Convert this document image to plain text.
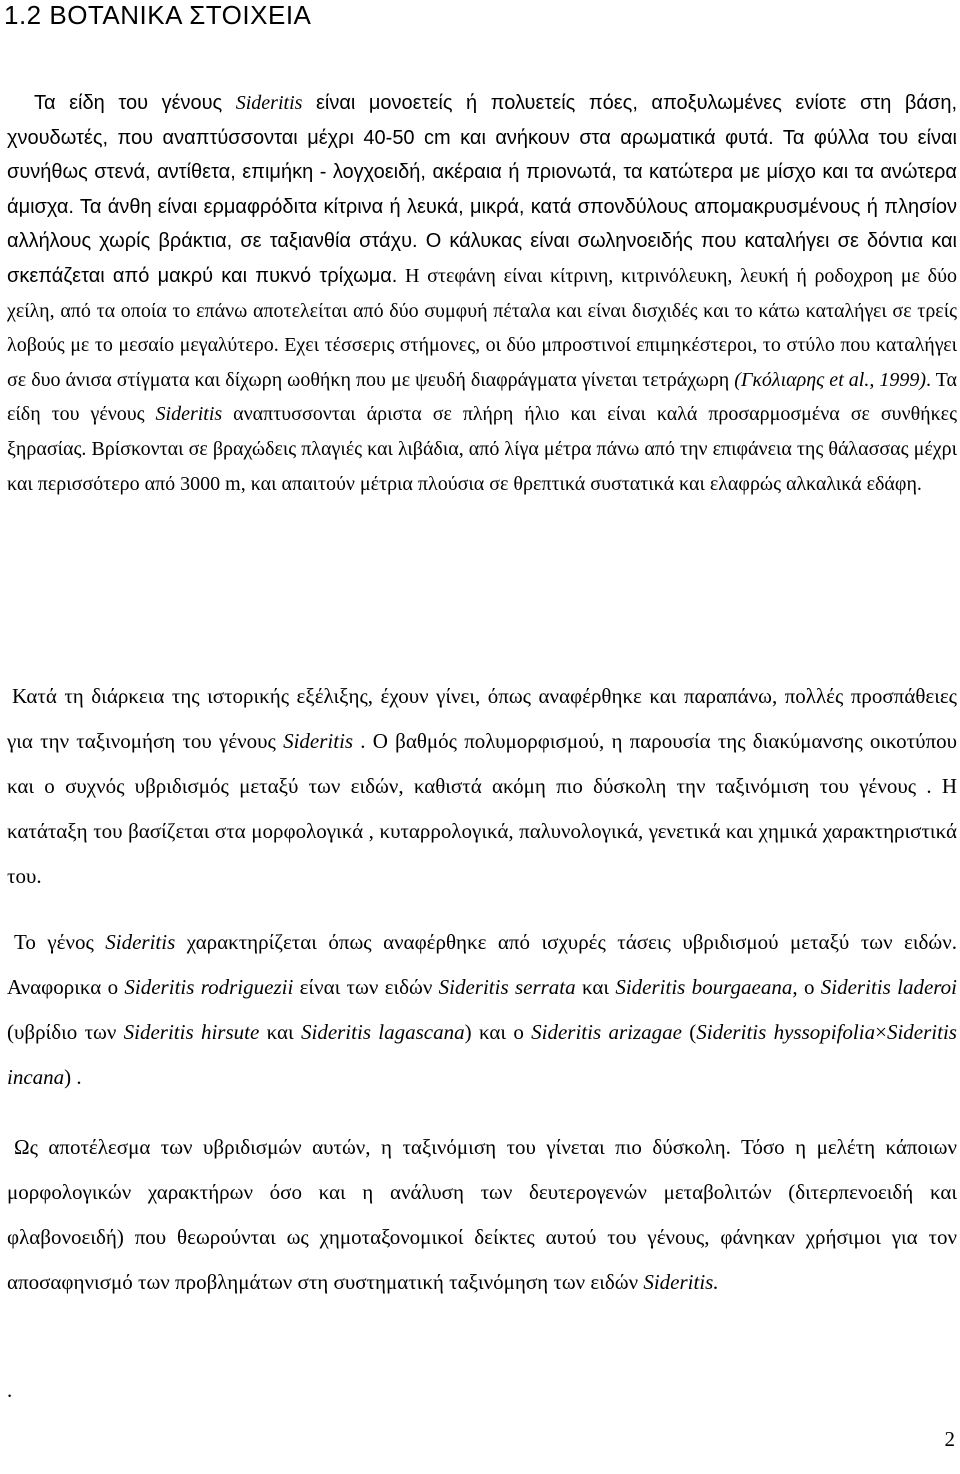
1.2 ΒΟΤΑΝΙΚΑ ΣΤΟΙΧΕΙΑ

Τα είδη του γένους Sideritis είναι μονοετείς ή πολυετείς πόες, αποξυλωμένες ενίοτε στη βάση, χνουδωτές, που αναπτύσσονται μέχρι 40-50 cm και ανήκουν στα αρωματικά φυτά. Τα φύλλα του είναι συνήθως στενά, αντίθετα, επιμήκη - λογχοειδή, ακέραια ή πριονωτά, τα κατώτερα με μίσχο και τα ανώτερα άμισχα. Τα άνθη είναι ερμαφρόδιτα κίτρινα ή λευκά, μικρά, κατά σπονδύλους απομακρυσμένους ή πλησίον αλλήλους χωρίς βράκτια, σε ταξιανθία στάχυ. Ο κάλυκας είναι σωληνοειδής που καταλήγει σε δόντια και σκεπάζεται από μακρύ και πυκνό τρίχωμα. Η στεφάνη είναι κίτρινη, κιτρινόλευκη, λευκή ή ροδοχροη με δύο χείλη, από τα οποία το επάνω αποτελείται από δύο συμφυή πέταλα και είναι δισχιδές και το κάτω καταλήγει σε τρείς λοβούς με το μεσαίο μεγαλύτερο. Εχει τέσσερις στήμονες, οι δύο μπροστινοί επιμηκέστεροι, το στύλο που καταλήγει σε δυο άνισα στίγματα και δίχωρη ωοθήκη που με ψευδή διαφράγματα γίνεται τετράχωρη (Γκόλιαρης et al., 1999). Τα είδη του γένους Sideritis αναπτυσσονται άριστα σε πλήρη ήλιο και είναι καλά προσαρμοσμένα σε συνθήκες ξηρασίας. Βρίσκονται σε βραχώδεις πλαγιές και λιβάδια, από λίγα μέτρα πάνω από την επιφάνεια της θάλασσας μέχρι και περισσότερο από 3000 m, και απαιτούν μέτρια πλούσια σε θρεπτικά συστατικά και ελαφρώς αλκαλικά εδάφη.

Κατά τη διάρκεια της ιστορικής εξέλιξης, έχουν γίνει, όπως αναφέρθηκε και παραπάνω, πολλές προσπάθειες για την ταξινομήση του γένους Sideritis . Ο βαθμός πολυμορφισμού, η παρουσία της διακύμανσης οικοτύπου και ο συχνός υβριδισμός μεταξύ των ειδών, καθιστά ακόμη πιο δύσκολη την ταξινόμιση του γένους . Η κατάταξη του βασίζεται στα μορφολογικά , κυταρρολογικά, παλυνολογικά, γενετικά και χημικά χαρακτηριστικά του.

Το γένος Sideritis χαρακτηρίζεται όπως αναφέρθηκε από ισχυρές τάσεις υβριδισμού μεταξύ των ειδών. Αναφορικα ο Sideritis rodriguezii είναι των ειδών Sideritis serrata και Sideritis bourgaeana, ο Sideritis laderoi (υβρίδιο των Sideritis hirsute και Sideritis lagascana) και ο Sideritis arizagae (Sideritis hyssopifolia×Sideritis incana) .

Ως αποτέλεσμα των υβριδισμών αυτών, η ταξινόμιση του γίνεται πιο δύσκολη. Τόσο η μελέτη κάποιων μορφολογικών χαρακτήρων όσο και η ανάλυση των δευτερογενών μεταβολιτών (διτερπενοειδή και φλαβονοειδή) που θεωρούνται ως χημοταξονομικοί δείκτες αυτού του γένους, φάνηκαν χρήσιμοι για τον αποσαφηνισμό των προβλημάτων στη συστηματική ταξινόμηση των ειδών Sideritis.

.

2
